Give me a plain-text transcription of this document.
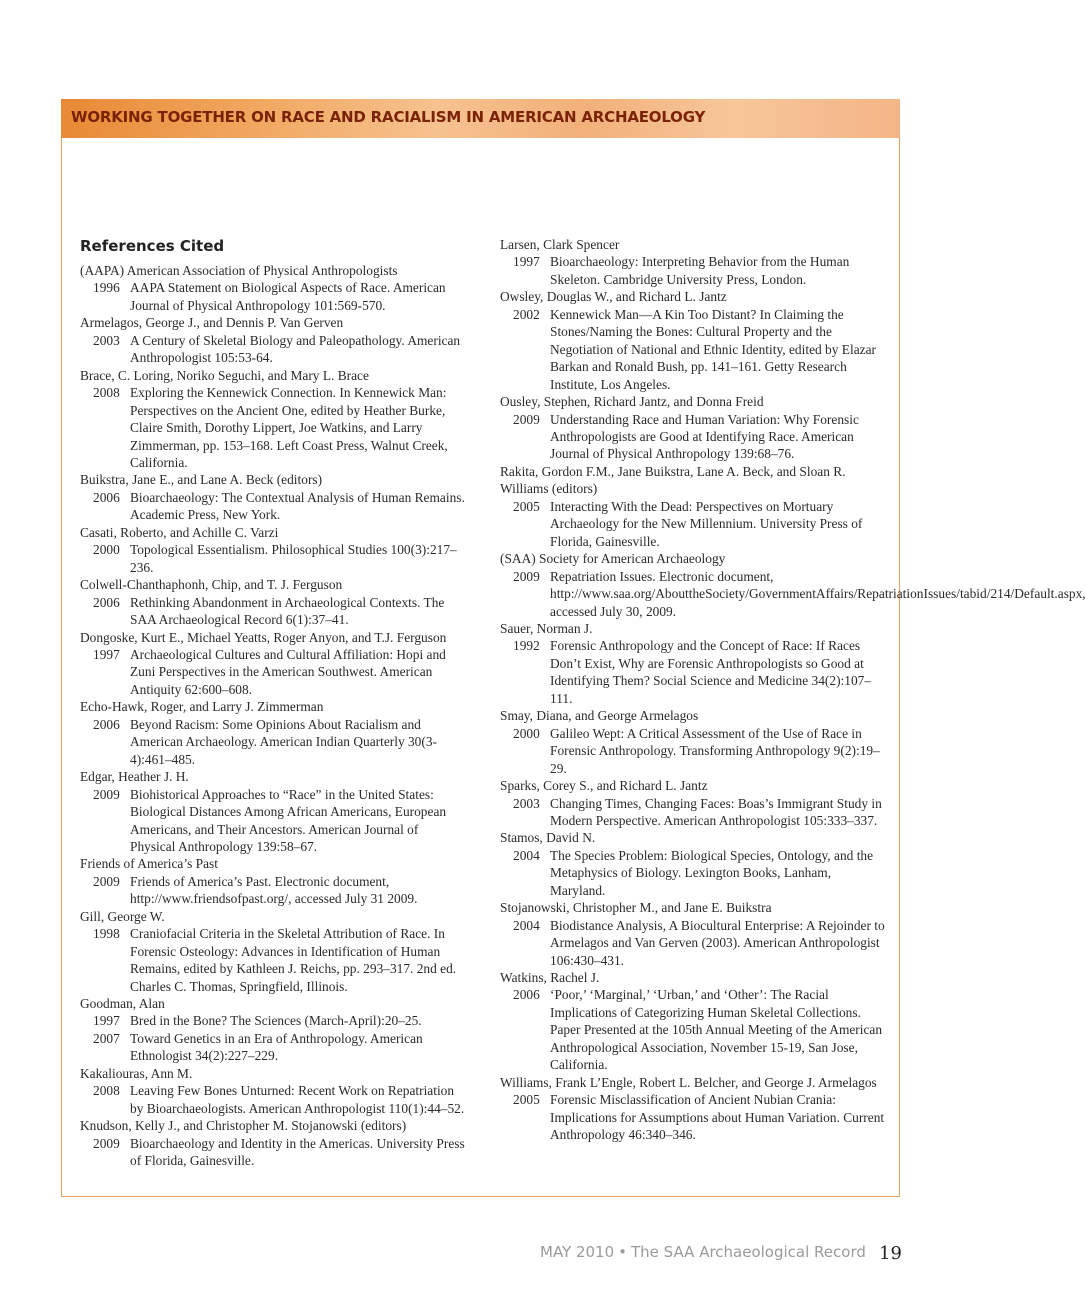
WORKING TOGETHER ON RACE AND RACIALISM IN AMERICAN ARCHAEOLOGY
References Cited
(AAPA) American Association of Physical Anthropologists
1996 AAPA Statement on Biological Aspects of Race. American Journal of Physical Anthropology 101:569-570.
Armelagos, George J., and Dennis P. Van Gerven
2003 A Century of Skeletal Biology and Paleopathology. American Anthropologist 105:53-64.
Brace, C. Loring, Noriko Seguchi, and Mary L. Brace
2008 Exploring the Kennewick Connection. In Kennewick Man: Perspectives on the Ancient One, edited by Heather Burke, Claire Smith, Dorothy Lippert, Joe Watkins, and Larry Zimmerman, pp. 153–168. Left Coast Press, Walnut Creek, California.
Buikstra, Jane E., and Lane A. Beck (editors)
2006 Bioarchaeology: The Contextual Analysis of Human Remains. Academic Press, New York.
Casati, Roberto, and Achille C. Varzi
2000 Topological Essentialism. Philosophical Studies 100(3):217–236.
Colwell-Chanthaphonh, Chip, and T. J. Ferguson
2006 Rethinking Abandonment in Archaeological Contexts. The SAA Archaeological Record 6(1):37–41.
Dongoske, Kurt E., Michael Yeatts, Roger Anyon, and T.J. Ferguson
1997 Archaeological Cultures and Cultural Affiliation: Hopi and Zuni Perspectives in the American Southwest. American Antiquity 62:600–608.
Echo-Hawk, Roger, and Larry J. Zimmerman
2006 Beyond Racism: Some Opinions About Racialism and American Archaeology. American Indian Quarterly 30(3-4):461–485.
Edgar, Heather J. H.
2009 Biohistorical Approaches to “Race” in the United States: Biological Distances Among African Americans, European Americans, and Their Ancestors. American Journal of Physical Anthropology 139:58–67.
Friends of America’s Past
2009 Friends of America’s Past. Electronic document, http://www.friendsofpast.org/, accessed July 31 2009.
Gill, George W.
1998 Craniofacial Criteria in the Skeletal Attribution of Race. In Forensic Osteology: Advances in Identification of Human Remains, edited by Kathleen J. Reichs, pp. 293–317. 2nd ed. Charles C. Thomas, Springfield, Illinois.
Goodman, Alan
1997 Bred in the Bone? The Sciences (March-April):20–25.
2007 Toward Genetics in an Era of Anthropology. American Ethnologist 34(2):227–229.
Kakaliouras, Ann M.
2008 Leaving Few Bones Unturned: Recent Work on Repatriation by Bioarchaeologists. American Anthropologist 110(1):44–52.
Knudson, Kelly J., and Christopher M. Stojanowski (editors)
2009 Bioarchaeology and Identity in the Americas. University Press of Florida, Gainesville.
Larsen, Clark Spencer
1997 Bioarchaeology: Interpreting Behavior from the Human Skeleton. Cambridge University Press, London.
Owsley, Douglas W., and Richard L. Jantz
2002 Kennewick Man—A Kin Too Distant? In Claiming the Stones/Naming the Bones: Cultural Property and the Negotiation of National and Ethnic Identity, edited by Elazar Barkan and Ronald Bush, pp. 141–161. Getty Research Institute, Los Angeles.
Ousley, Stephen, Richard Jantz, and Donna Freid
2009 Understanding Race and Human Variation: Why Forensic Anthropologists are Good at Identifying Race. American Journal of Physical Anthropology 139:68–76.
Rakita, Gordon F.M., Jane Buikstra, Lane A. Beck, and Sloan R. Williams (editors)
2005 Interacting With the Dead: Perspectives on Mortuary Archaeology for the New Millennium. University Press of Florida, Gainesville.
(SAA) Society for American Archaeology
2009 Repatriation Issues. Electronic document, http://www.saa.org/AbouttheSociety/GovernmentAffairs/RepatriationIssues/tabid/214/Default.aspx, accessed July 30, 2009.
Sauer, Norman J.
1992 Forensic Anthropology and the Concept of Race: If Races Don’t Exist, Why are Forensic Anthropologists so Good at Identifying Them? Social Science and Medicine 34(2):107–111.
Smay, Diana, and George Armelagos
2000 Galileo Wept: A Critical Assessment of the Use of Race in Forensic Anthropology. Transforming Anthropology 9(2):19–29.
Sparks, Corey S., and Richard L. Jantz
2003 Changing Times, Changing Faces: Boas’s Immigrant Study in Modern Perspective. American Anthropologist 105:333–337.
Stamos, David N.
2004 The Species Problem: Biological Species, Ontology, and the Metaphysics of Biology. Lexington Books, Lanham, Maryland.
Stojanowski, Christopher M., and Jane E. Buikstra
2004 Biodistance Analysis, A Biocultural Enterprise: A Rejoinder to Armelagos and Van Gerven (2003). American Anthropologist 106:430–431.
Watkins, Rachel J.
2006 ‘Poor,’ ‘Marginal,’ ‘Urban,’ and ‘Other’: The Racial Implications of Categorizing Human Skeletal Collections. Paper Presented at the 105th Annual Meeting of the American Anthropological Association, November 15-19, San Jose, California.
Williams, Frank L’Engle, Robert L. Belcher, and George J. Armelagos
2005 Forensic Misclassification of Ancient Nubian Crania: Implications for Assumptions about Human Variation. Current Anthropology 46:340–346.
MAY 2010 • The SAA Archaeological Record 19
